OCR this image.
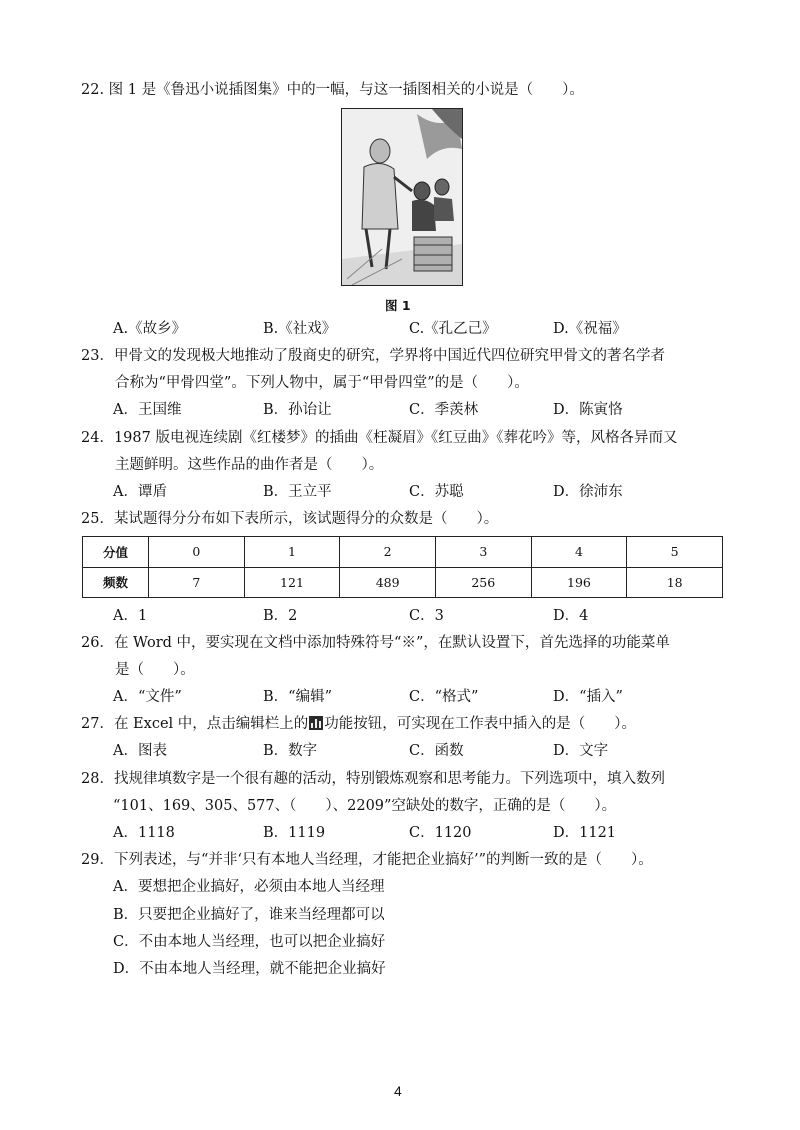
22. 图 1 是《鲁迅小说插图集》中的一幅，与这一插图相关的小说是（　　）。
图 1
A.《故乡》	B.《社戏》	C.《孔乙己》	D.《祝福》
23．甲骨文的发现极大地推动了殷商史的研究，学界将中国近代四位研究甲骨文的著名学者
合称为“甲骨四堂”。下列人物中，属于“甲骨四堂”的是（　　）。
A．王国维	B．孙诒让	C．季羡林	D．陈寅恪
24．1987 版电视连续剧《红楼梦》的插曲《枉凝眉》《红豆曲》《葬花吟》等，风格各异而又
主题鲜明。这些作品的曲作者是（　　）。
A．谭盾	B．王立平	C．苏聪	D．徐沛东
25．某试题得分分布如下表所示，该试题得分的众数是（　　）。
分值	0	1	2	3	4	5
频数	7	121	489	256	196	18
A．1	B．2	C．3	D．4
26．在 Word 中，要实现在文档中添加特殊符号“※”，在默认设置下，首先选择的功能菜单
是（　　）。
A．“文件”	B．“编辑”	C．“格式”	D．“插入”
27．在 Excel 中，点击编辑栏上的 功能按钮，可实现在工作表中插入的是（　　）。
A．图表	B．数字	C．函数	D．文字
28．找规律填数字是一个很有趣的活动，特别锻炼观察和思考能力。下列选项中，填入数列
“101、169、305、577、（　　）、2209”空缺处的数字，正确的是（　　）。
A．1118	B．1119	C．1120	D．1121
29．下列表述，与“并非‘只有本地人当经理，才能把企业搞好’”的判断一致的是（　　）。
A．要想把企业搞好，必须由本地人当经理
B．只要把企业搞好了，谁来当经理都可以
C．不由本地人当经理，也可以把企业搞好
D．不由本地人当经理，就不能把企业搞好
4
